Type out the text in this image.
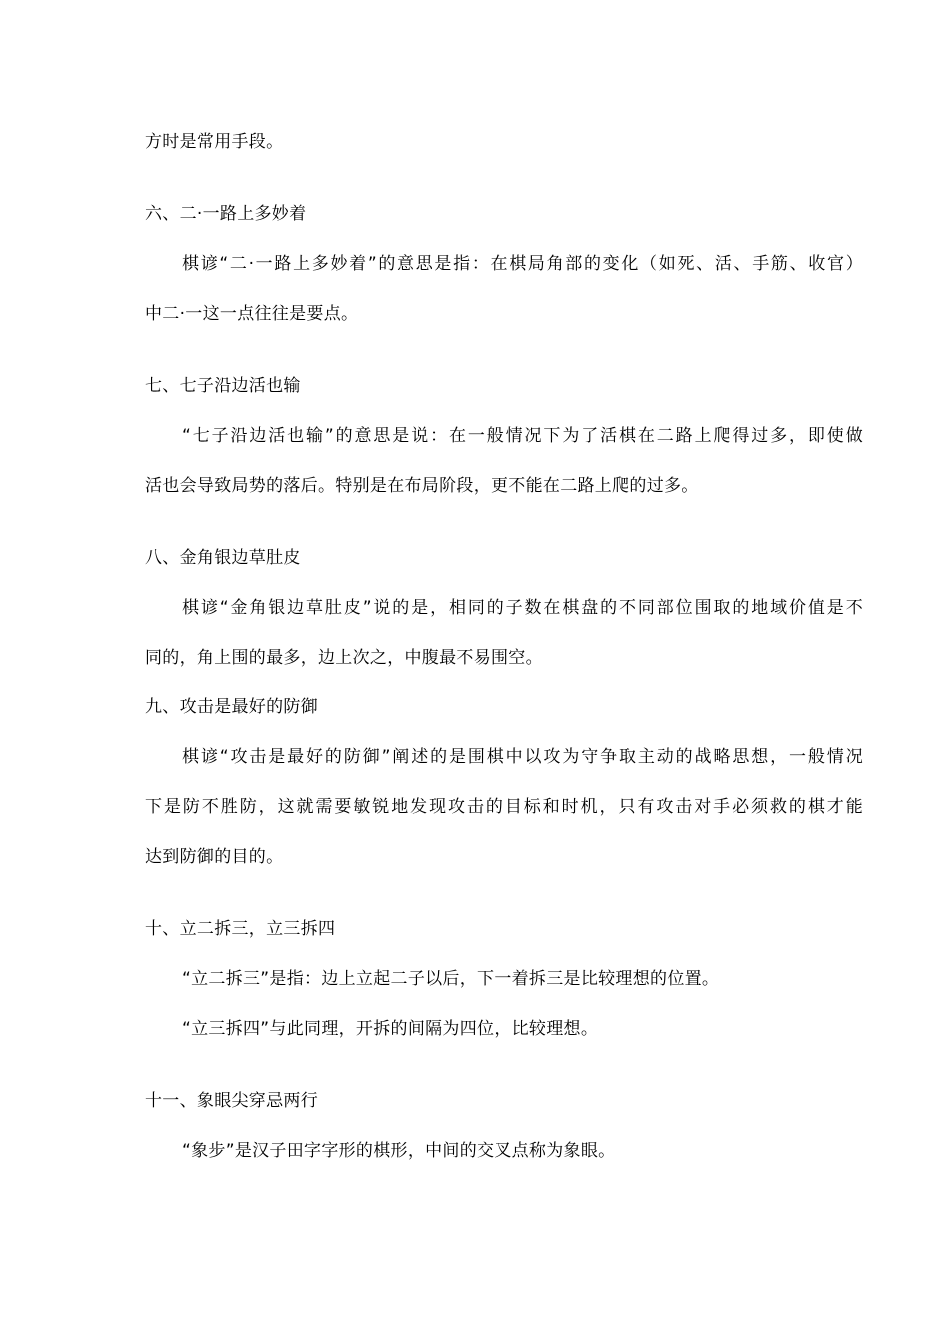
方时是常用手段。
六、二·一路上多妙着
棋谚“二·一路上多妙着”的意思是指：在棋局角部的变化（如死、活、手筋、收官）
中二·一这一点往往是要点。
七、七子沿边活也输
“七子沿边活也输”的意思是说：在一般情况下为了活棋在二路上爬得过多，即使做
活也会导致局势的落后。特别是在布局阶段，更不能在二路上爬的过多。
八、金角银边草肚皮
棋谚“金角银边草肚皮”说的是，相同的子数在棋盘的不同部位围取的地域价值是不
同的，角上围的最多，边上次之，中腹最不易围空。
九、攻击是最好的防御
棋谚“攻击是最好的防御”阐述的是围棋中以攻为守争取主动的战略思想，一般情况
下是防不胜防，这就需要敏锐地发现攻击的目标和时机，只有攻击对手必须救的棋才能
达到防御的目的。
十、立二拆三，立三拆四
“立二拆三”是指：边上立起二子以后，下一着拆三是比较理想的位置。
“立三拆四”与此同理，开拆的间隔为四位，比较理想。
十一、象眼尖穿忌两行
“象步”是汉子田字字形的棋形，中间的交叉点称为象眼。
